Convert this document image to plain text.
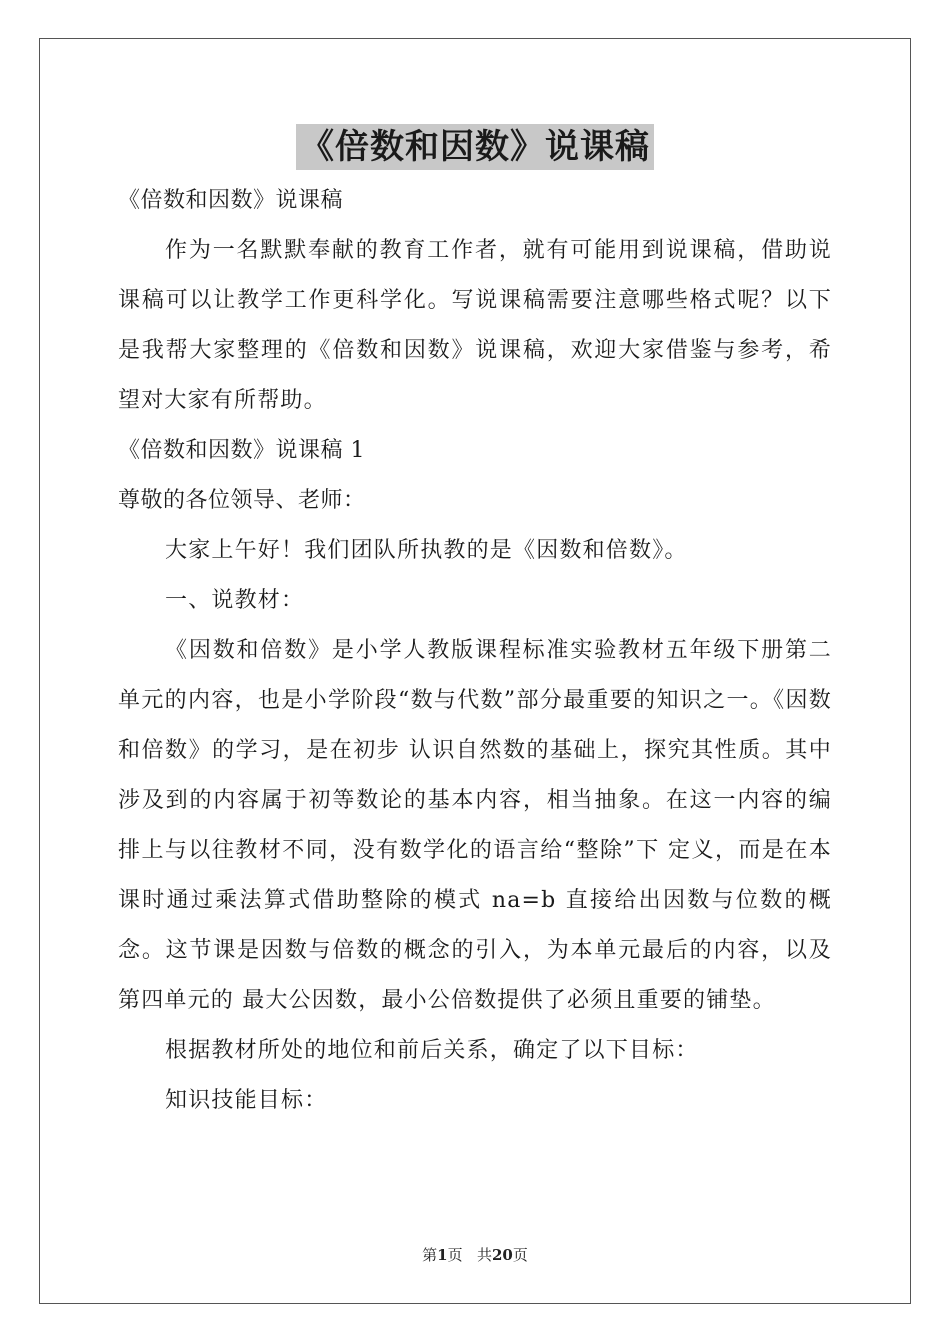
《倍数和因数》说课稿

《倍数和因数》说课稿

作为一名默默奉献的教育工作者，就有可能用到说课稿，借助说课稿可以让教学工作更科学化。写说课稿需要注意哪些格式呢？以下是我帮大家整理的《倍数和因数》说课稿，欢迎大家借鉴与参考，希望对大家有所帮助。

《倍数和因数》说课稿 1

尊敬的各位领导、老师：

大家上午好！我们团队所执教的是《因数和倍数》。

一、说教材：

《因数和倍数》是小学人教版课程标准实验教材五年级下册第二单元的内容，也是小学阶段“数与代数”部分最重要的知识之一。《因数和倍数》的学习，是在初步 认识自然数的基础上，探究其性质。其中涉及到的内容属于初等数论的基本内容，相当抽象。在这一内容的编排上与以往教材不同，没有数学化的语言给“整除”下 定义，而是在本课时通过乘法算式借助整除的模式 na=b 直接给出因数与位数的概念。这节课是因数与倍数的概念的引入，为本单元最后的内容，以及第四单元的 最大公因数，最小公倍数提供了必须且重要的铺垫。

根据教材所处的地位和前后关系，确定了以下目标：

知识技能目标：

第1页 共20页
